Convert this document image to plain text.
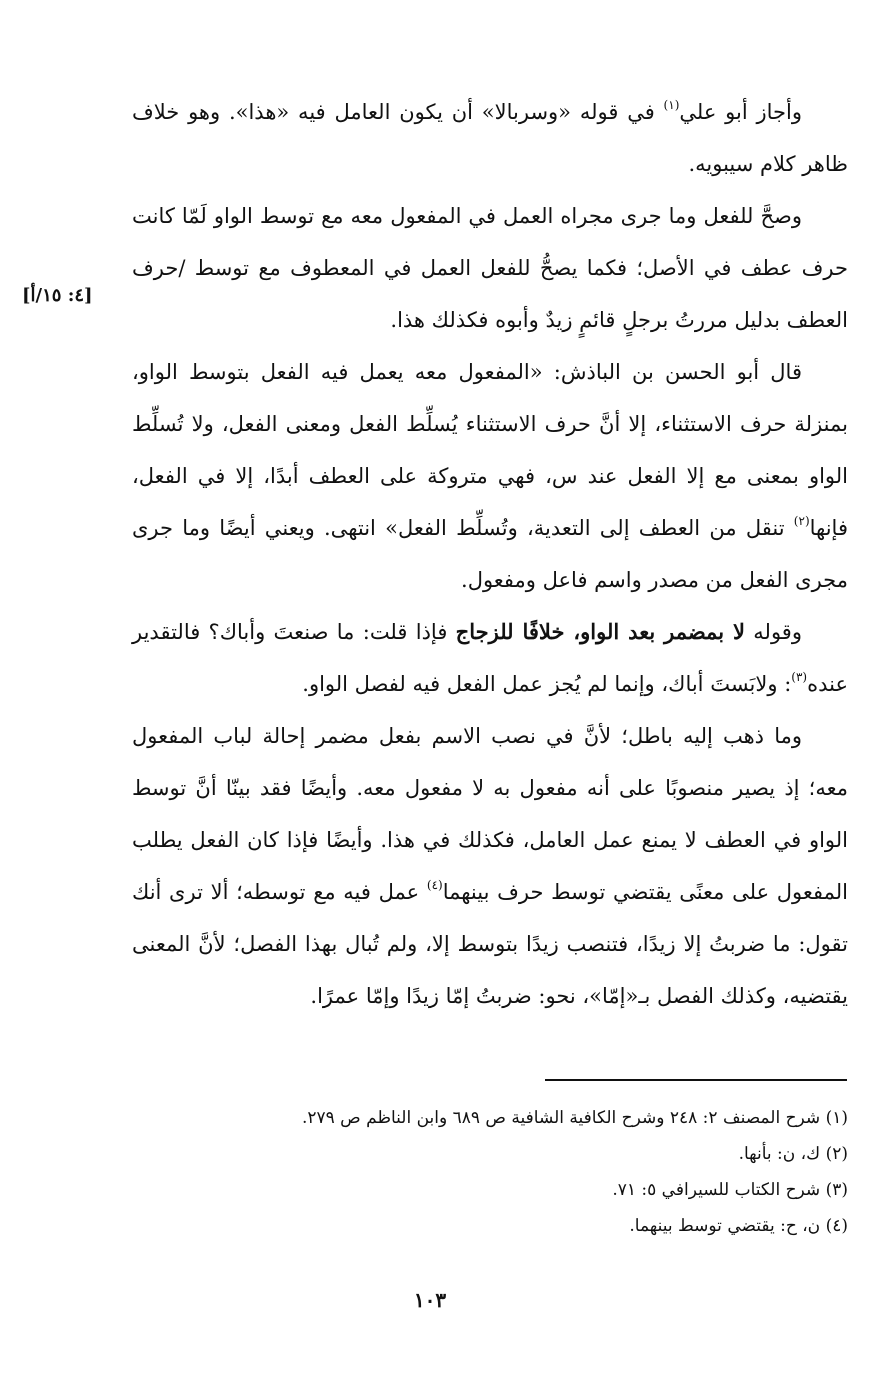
وأجاز أبو علي$^{(١)}$ في قوله «وسربالا» أن يكون العامل فيه «هذا». وهو خلاف ظاهر كلام سيبويه.

وصحَّ للفعل وما جرى مجراه العمل في المفعول معه مع توسط الواو لَمّا كانت حرف عطف في الأصل؛ فكما يصحُّ للفعل العمل في المعطوف مع توسط /حرف العطف بدليل مررتُ برجلٍ قائمٍ زيدٌ وأبوه فكذلك هذا.

قال أبو الحسن بن الباذش: «المفعول معه يعمل فيه الفعل بتوسط الواو، بمنزلة حرف الاستثناء، إلا أنَّ حرف الاستثناء يُسلِّط الفعل ومعنى الفعل، ولا تُسلِّط الواو بمعنى مع إلا الفعل عند س، فهي متروكة على العطف أبدًا، إلا في الفعل، فإنها$^{(٢)}$ تنقل من العطف إلى التعدية، وتُسلِّط الفعل» انتهى. ويعني أيضًا وما جرى مجرى الفعل من مصدر واسم فاعل ومفعول.

وقوله لا بمضمر بعد الواو، خلافًا للزجاج فإذا قلت: ما صنعتَ وأباك؟ فالتقدير عنده$^{(٣)}$: ولابَستَ أباك، وإنما لم يُجز عمل الفعل فيه لفصل الواو.

وما ذهب إليه باطل؛ لأنَّ في نصب الاسم بفعل مضمر إحالة لباب المفعول معه؛ إذ يصير منصوبًا على أنه مفعول به لا مفعول معه. وأيضًا فقد بينّا أنَّ توسط الواو في العطف لا يمنع عمل العامل، فكذلك في هذا. وأيضًا فإذا كان الفعل يطلب المفعول على معنًى يقتضي توسط حرف بينهما$^{(٤)}$ عمل فيه مع توسطه؛ ألا ترى أنك تقول: ما ضربتُ إلا زيدًا، فتنصب زيدًا بتوسط إلا، ولم تُبال بهذا الفصل؛ لأنَّ المعنى يقتضيه، وكذلك الفصل بـ«إمّا»، نحو: ضربتُ إمّا زيدًا وإمّا عمرًا.

[٤: ١٥/أ]
(١) شرح المصنف ٢: ٢٤٨ وشرح الكافية الشافية ص ٦٨٩ وابن الناظم ص ٢٧٩.
(٢) ك، ن: بأنها.
(٣) شرح الكتاب للسيرافي ٥: ٧١.
(٤) ن، ح: يقتضي توسط بينهما.
١٠٣
